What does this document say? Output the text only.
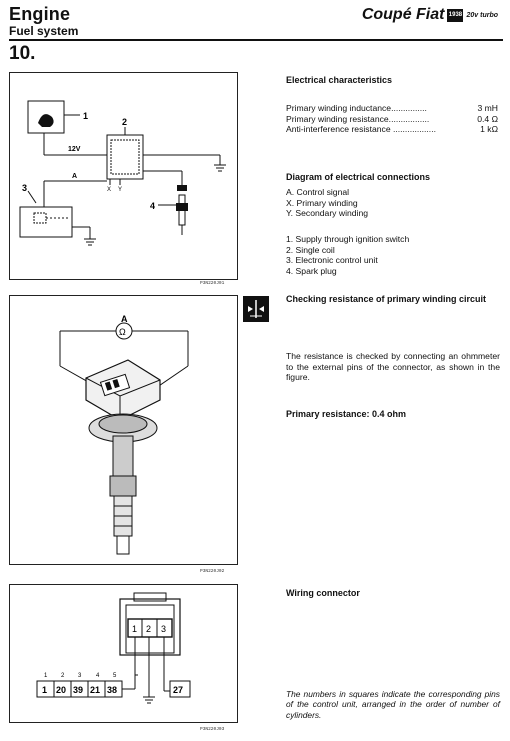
Engine
Fuel system
10.
Coupé Fiat 1938 20v turbo
1
12V
2
4
X Y
A
3
P3N220J01
A
Ω
P3N220J02
1 2 3
1 2 3 4 5
1 20 39 21 38	27
P3N220J03
Electrical characteristics
Primary winding inductance...............	3 mH
Primary winding resistance.................	0.4 Ω
Anti-interference resistance ..................	1 kΩ
Diagram of electrical connections
A. Control signal
X. Primary winding
Y. Secondary winding
1. Supply through ignition switch
2. Single coil
3. Electronic control unit
4. Spark plug
Checking resistance of primary winding circuit
The resistance is checked by connecting an ohmmeter to the external pins of the connector, as shown in the figure.
Primary resistance: 0.4 ohm
Wiring connector
The numbers in squares indicate the corresponding pins of the control unit, arranged in the order of number of cylinders.
